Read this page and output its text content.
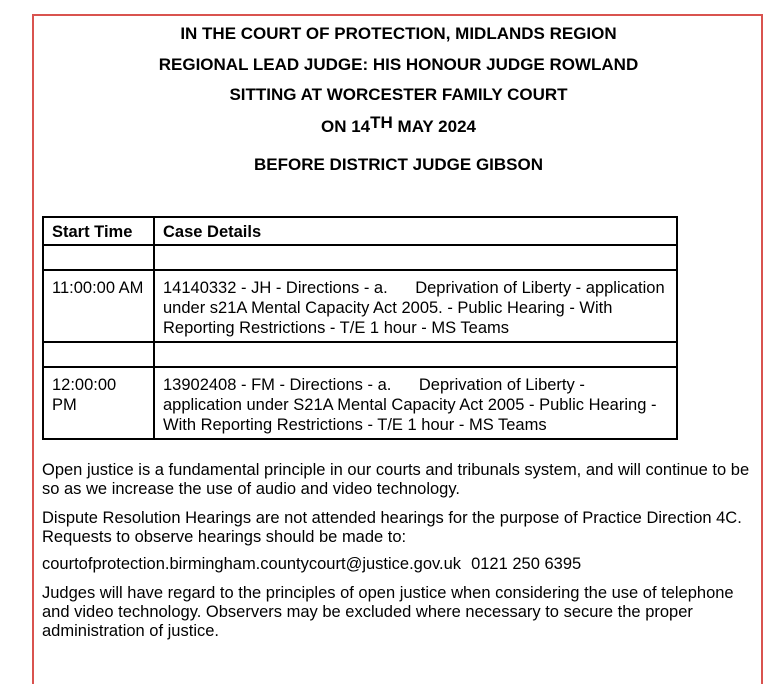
IN THE COURT OF PROTECTION, MIDLANDS REGION
REGIONAL LEAD JUDGE: HIS HONOUR JUDGE ROWLAND
SITTING AT WORCESTER FAMILY COURT
ON 14TH MAY 2024
BEFORE DISTRICT JUDGE GIBSON
Start Time	Case Details

11:00:00 AM	14140332 - JH - Directions - a.      Deprivation of Liberty - application under s21A Mental Capacity Act 2005. - Public Hearing - With Reporting Restrictions - T/E 1 hour - MS Teams

12:00:00 PM	13902408 - FM - Directions - a.      Deprivation of Liberty - application under S21A Mental Capacity Act 2005 - Public Hearing - With Reporting Restrictions - T/E 1 hour - MS Teams
Open justice is a fundamental principle in our courts and tribunals system, and will continue to be so as we increase the use of audio and video technology.
Dispute Resolution Hearings are not attended hearings for the purpose of Practice Direction 4C. Requests to observe hearings should be made to:
courtofprotection.birmingham.countycourt@justice.gov.uk 0121 250 6395
Judges will have regard to the principles of open justice when considering the use of telephone and video technology. Observers may be excluded where necessary to secure the proper administration of justice.
